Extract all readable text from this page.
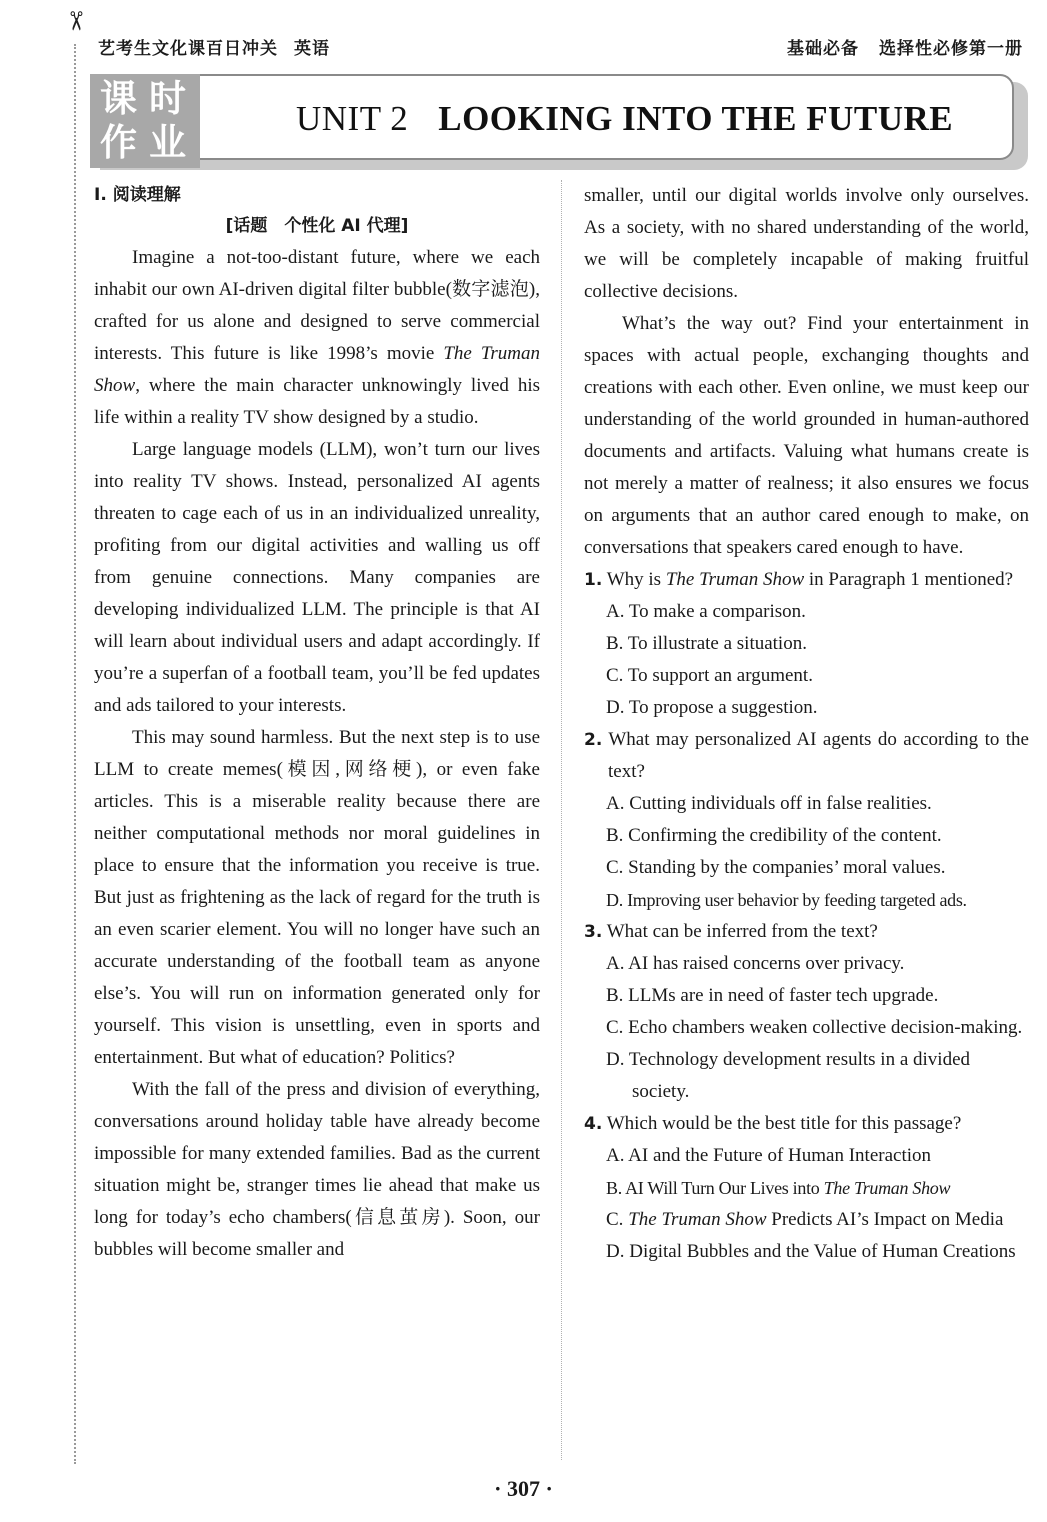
✂
艺考生文化课百日冲关 英语	基础必备 选择性必修第一册
课时
作业
UNIT 2 LOOKING INTO THE FUTURE

Ⅰ. 阅读理解

[话题　个性化 AI 代理]

Imagine a not-too-distant future, where we each inhabit our own AI-driven digital filter bubble(数字滤泡), crafted for us alone and designed to serve commercial interests. This future is like 1998’s movie The Truman Show, where the main character unknowingly lived his life within a reality TV show designed by a studio.

Large language models (LLM), won’t turn our lives into reality TV shows. Instead, personalized AI agents threaten to cage each of us in an individualized unreality, profiting from our digital activities and walling us off from genuine connections. Many companies are developing individualized LLM. The principle is that AI will learn about individual users and adapt accordingly. If you’re a superfan of a football team, you’ll be fed updates and ads tailored to your interests.

This may sound harmless. But the next step is to use LLM to create memes(模因,网络梗), or even fake articles. This is a miserable reality because there are neither computational methods nor moral guidelines in place to ensure that the information you receive is true. But just as frightening as the lack of regard for the truth is an even scarier element. You will no longer have such an accurate understanding of the football team as anyone else’s. You will run on information generated only for yourself. This vision is unsettling, even in sports and entertainment. But what of education? Politics?

With the fall of the press and division of everything, conversations around holiday table have already become impossible for many extended families. Bad as the current situation might be, stranger times lie ahead that make us long for today’s echo chambers(信息茧房). Soon, our bubbles will become smaller and

smaller, until our digital worlds involve only ourselves. As a society, with no shared understanding of the world, we will be completely incapable of making fruitful collective decisions.

What’s the way out? Find your entertainment in spaces with actual people, exchanging thoughts and creations with each other. Even online, we must keep our understanding of the world grounded in human-authored documents and artifacts. Valuing what humans create is not merely a matter of realness; it also ensures we focus on arguments that an author cared enough to make, on conversations that speakers cared enough to have.

1. Why is The Truman Show in Paragraph 1 mentioned?

A. To make a comparison.

B. To illustrate a situation.

C. To support an argument.

D. To propose a suggestion.

2. What may personalized AI agents do according to the text?

A. Cutting individuals off in false realities.

B. Confirming the credibility of the content.

C. Standing by the companies’ moral values.

D. Improving user behavior by feeding targeted ads.

3. What can be inferred from the text?

A. AI has raised concerns over privacy.

B. LLMs are in need of faster tech upgrade.

C. Echo chambers weaken collective decision-making.

D. Technology development results in a divided society.

4. Which would be the best title for this passage?

A. AI and the Future of Human Interaction

B. AI Will Turn Our Lives into The Truman Show

C. The Truman Show Predicts AI’s Impact on Media

D. Digital Bubbles and the Value of Human Creations

· 307 ·
